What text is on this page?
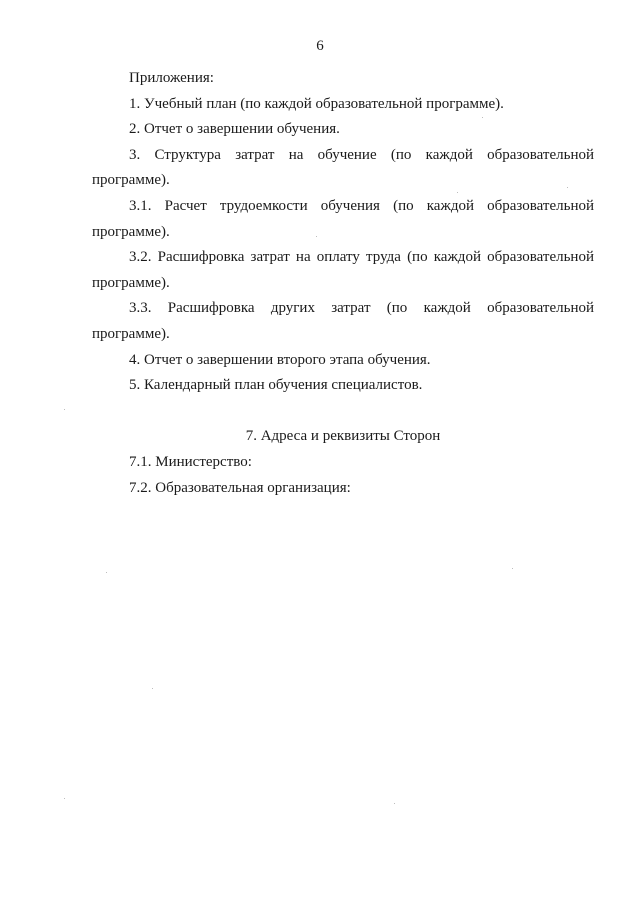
6
Приложения:
1. Учебный план (по каждой образовательной программе).
2. Отчет о завершении обучения.
3. Структура затрат на обучение (по каждой образовательной
программе).
3.1. Расчет трудоемкости обучения (по каждой образовательной
программе).
3.2. Расшифровка затрат на оплату труда (по каждой образовательной
программе).
3.3. Расшифровка других затрат (по каждой образовательной
программе).
4. Отчет о завершении второго этапа обучения.
5. Календарный план обучения специалистов.
7. Адреса и реквизиты Сторон
7.1. Министерство:
7.2. Образовательная организация:
